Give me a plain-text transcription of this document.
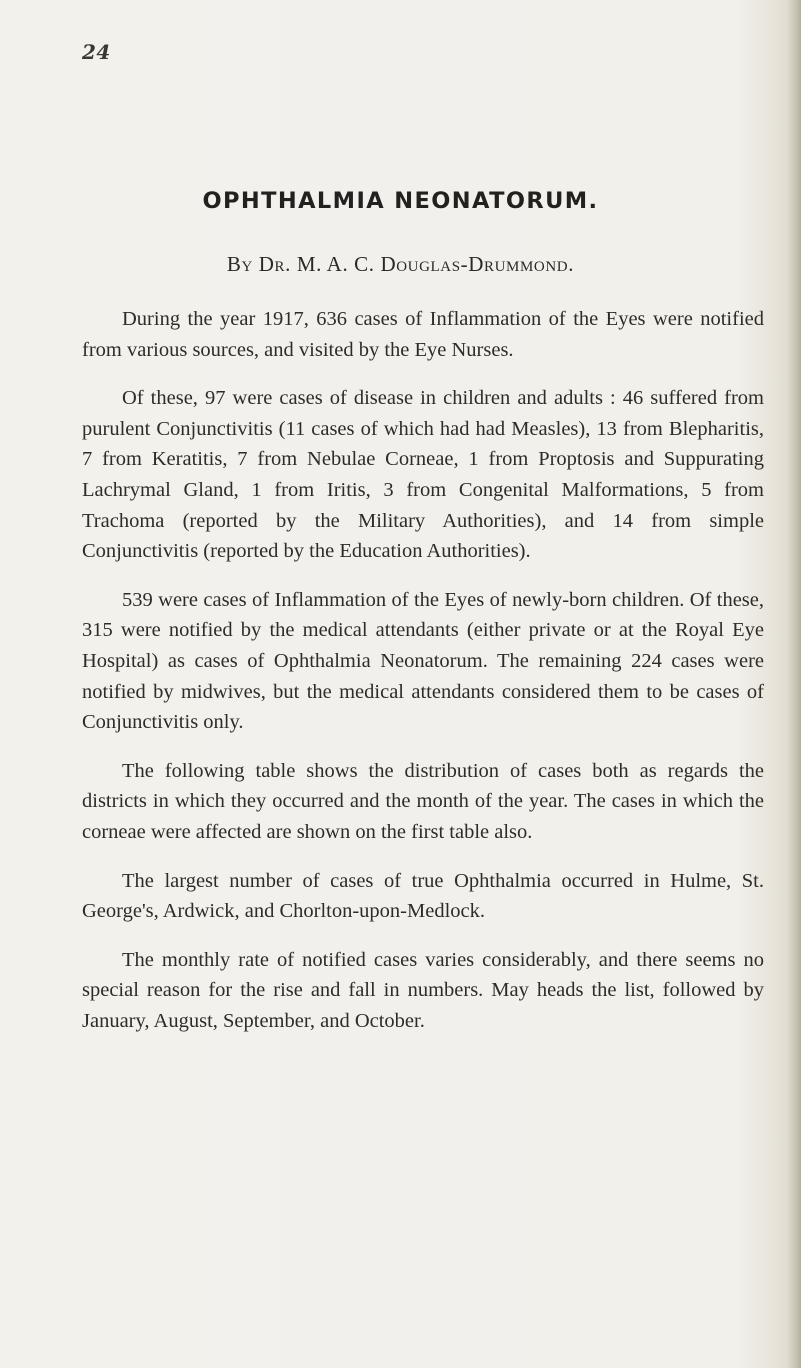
24
OPHTHALMIA NEONATORUM.
By Dr. M. A. C. Douglas-Drummond.

During the year 1917, 636 cases of Inflammation of the Eyes were notified from various sources, and visited by the Eye Nurses.

Of these, 97 were cases of disease in children and adults : 46 suffered from purulent Conjunctivitis (11 cases of which had had Measles), 13 from Blepharitis, 7 from Keratitis, 7 from Nebulae Corneae, 1 from Proptosis and Suppurating Lachrymal Gland, 1 from Iritis, 3 from Congenital Malformations, 5 from Trachoma (reported by the Military Authorities), and 14 from simple Conjunctivitis (reported by the Education Authorities).

539 were cases of Inflammation of the Eyes of newly-born children. Of these, 315 were notified by the medical attendants (either private or at the Royal Eye Hospital) as cases of Ophthalmia Neonatorum. The remaining 224 cases were notified by midwives, but the medical attendants considered them to be cases of Conjunctivitis only.

The following table shows the distribution of cases both as regards the districts in which they occurred and the month of the year. The cases in which the corneae were affected are shown on the first table also.

The largest number of cases of true Ophthalmia occurred in Hulme, St. George's, Ardwick, and Chorlton-upon-Medlock.

The monthly rate of notified cases varies considerably, and there seems no special reason for the rise and fall in numbers. May heads the list, followed by January, August, September, and October.
